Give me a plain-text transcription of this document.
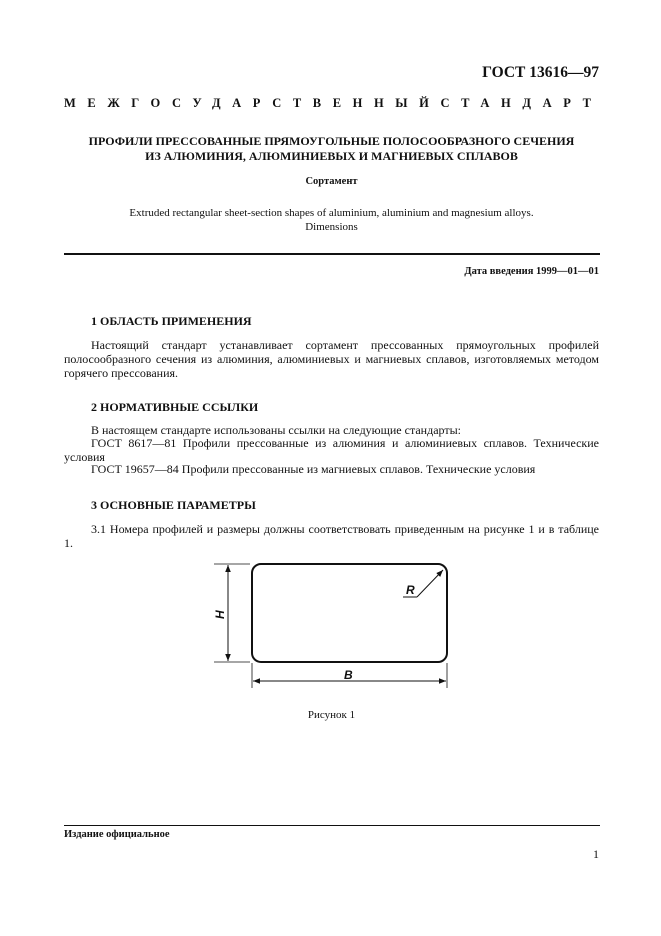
ГОСТ 13616—97
МЕЖГОСУДАРСТВЕННЫЙ СТАНДАРТ
ПРОФИЛИ ПРЕССОВАННЫЕ ПРЯМОУГОЛЬНЫЕ ПОЛОСООБРАЗНОГО СЕЧЕНИЯ
ИЗ АЛЮМИНИЯ, АЛЮМИНИЕВЫХ И МАГНИЕВЫХ СПЛАВОВ
Сортамент
Extruded rectangular sheet-section shapes of aluminium, aluminium and magnesium alloys.
Dimensions
Дата введения 1999—01—01
1 ОБЛАСТЬ ПРИМЕНЕНИЯ
Настоящий стандарт устанавливает сортамент прессованных прямоугольных профилей полосообразного сечения из алюминия, алюминиевых и магниевых сплавов, изготовляемых методом горячего прессования.
2 НОРМАТИВНЫЕ ССЫЛКИ
В настоящем стандарте использованы ссылки на следующие стандарты:
ГОСТ 8617—81 Профили прессованные из алюминия и алюминиевых сплавов. Технические условия
ГОСТ 19657—84 Профили прессованные из магниевых сплавов. Технические условия
3 ОСНОВНЫЕ ПАРАМЕТРЫ
3.1 Номера профилей и размеры должны соответствовать приведенным на рисунке 1 и в таблице 1.
R
H
B
Рисунок 1
Издание официальное
1
